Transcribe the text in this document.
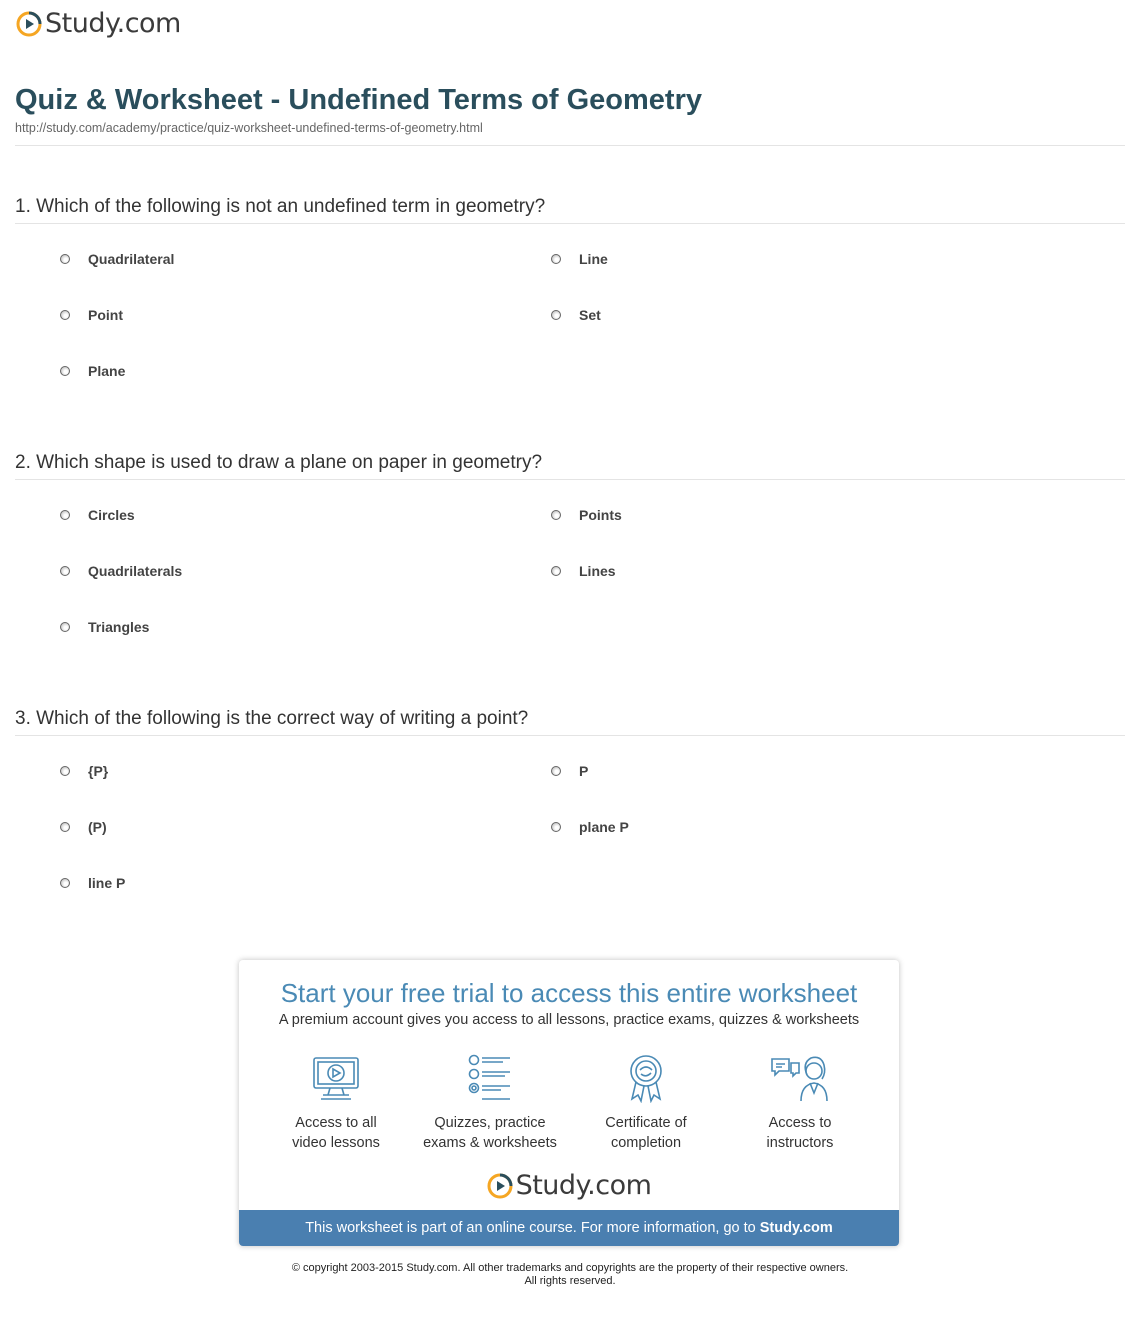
Study.com
Quiz & Worksheet - Undefined Terms of Geometry
http://study.com/academy/practice/quiz-worksheet-undefined-terms-of-geometry.html
1. Which of the following is not an undefined term in geometry?
Quadrilateral	Line
Point	Set
Plane
2. Which shape is used to draw a plane on paper in geometry?
Circles	Points
Quadrilaterals	Lines
Triangles
3. Which of the following is the correct way of writing a point?
{P}	P
(P)	plane P
line P
Start your free trial to access this entire worksheet
A premium account gives you access to all lessons, practice exams, quizzes & worksheets
Access to all
video lessons
Quizzes, practice
exams & worksheets
Certificate of
completion
Access to
instructors
Study.com
This worksheet is part of an online course. For more information, go to Study.com
© copyright 2003-2015 Study.com. All other trademarks and copyrights are the property of their respective owners.
All rights reserved.
